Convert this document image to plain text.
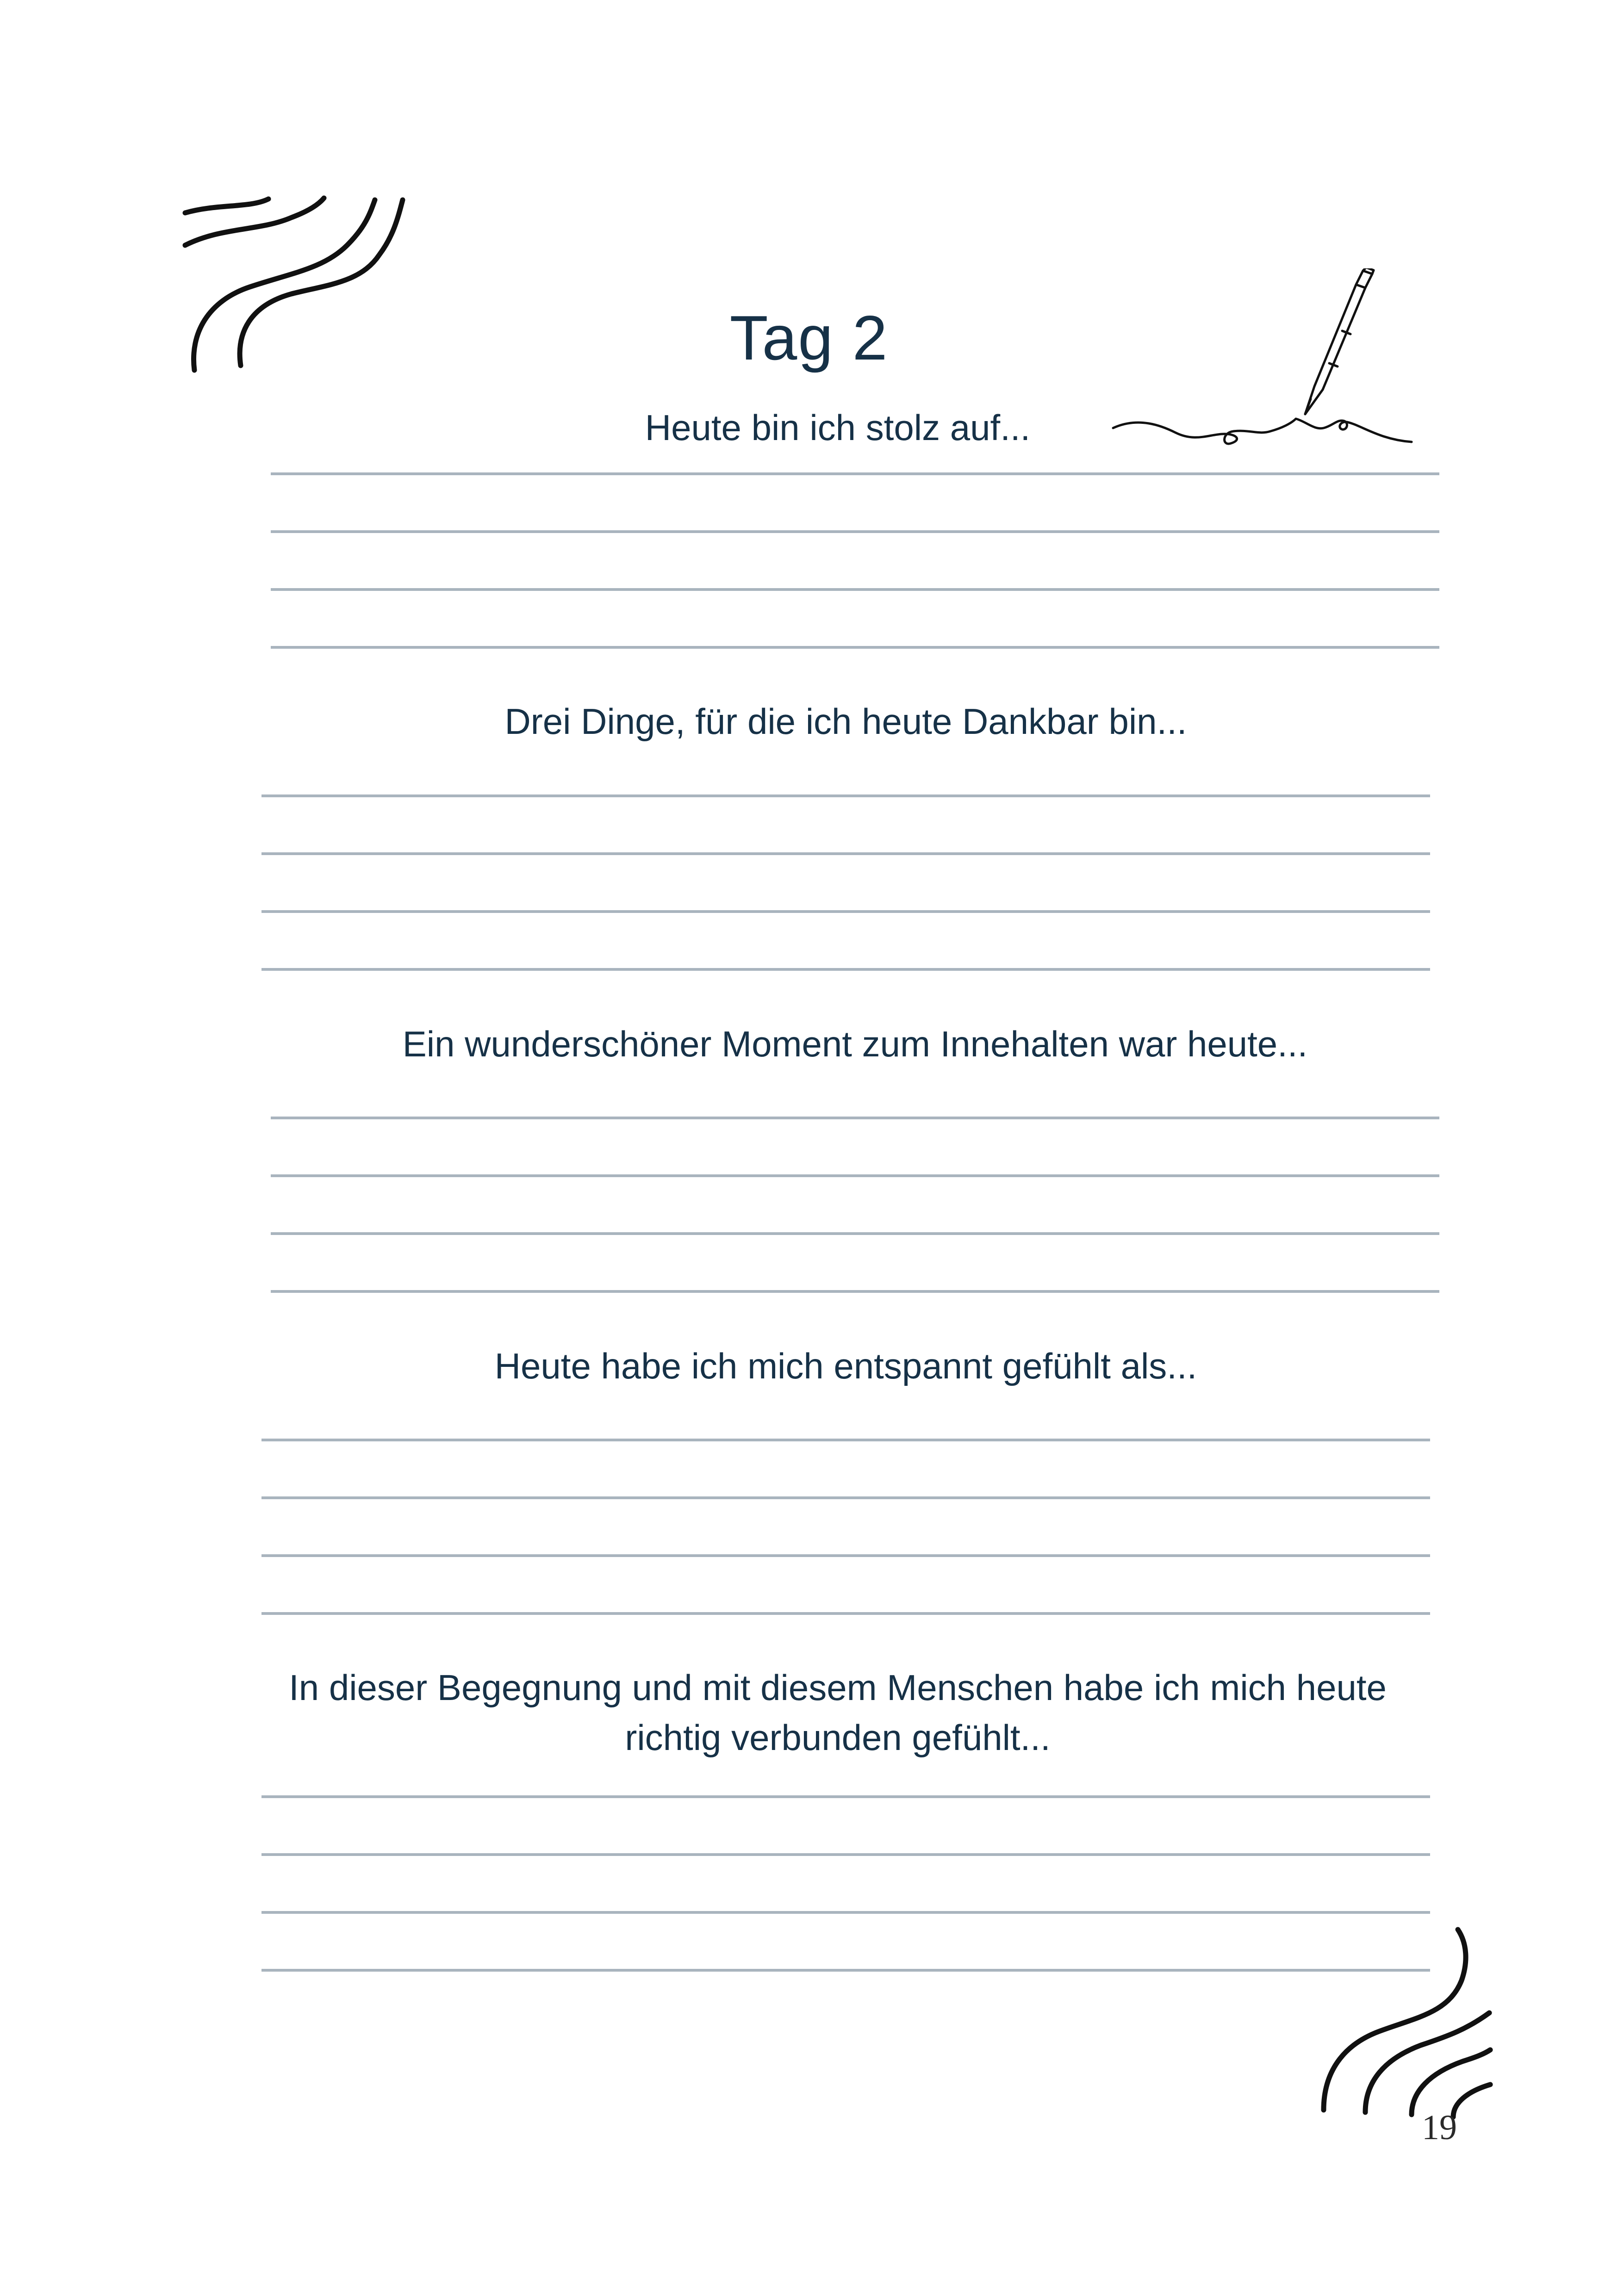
Tag 2
Heute bin ich stolz auf...
Drei Dinge, für die ich heute Dankbar bin...
Ein wunderschöner Moment zum Innehalten war heute...
Heute habe ich mich entspannt gefühlt als...
In dieser Begegnung und mit diesem Menschen habe ich mich heute richtig verbunden gefühlt...
19
